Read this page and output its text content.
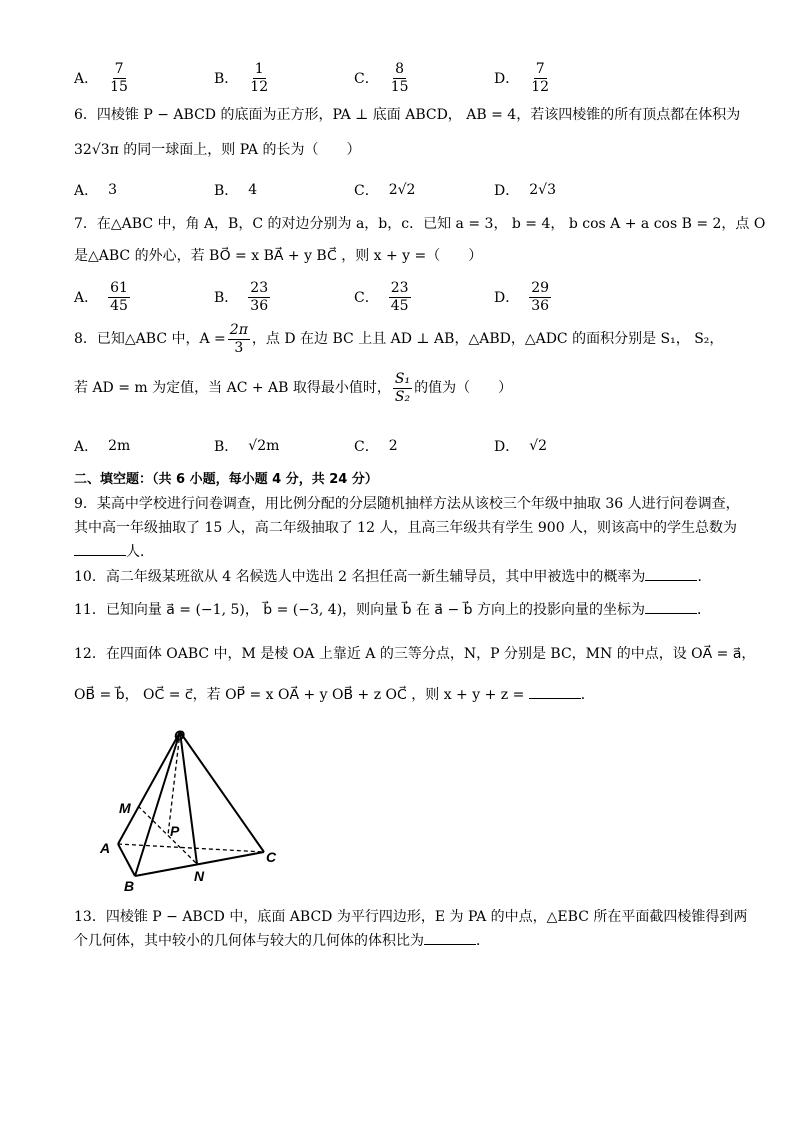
A． $\frac{7}{15}$	B． $\frac{1}{12}$	C． $\frac{8}{15}$	D． $\frac{7}{12}$
6．四棱锥 P − ABCD 的底面为正方形，PA ⊥ 底面 ABCD， AB = 4，若该四棱锥的所有顶点都在体积为
32√3π 的同一球面上，则 PA 的长为（　　）
A． 3	B． 4	C． 2√2	D． 2√3
7．在△ABC 中，角 A，B，C 的对边分别为 a，b，c．已知 a = 3， b = 4， b cos A + a cos B = 2，点 O
是△ABC 的外心，若 BO⃗ = x BA⃗ + y BC⃗ ，则 x + y =（　　）
A． $\frac{61}{45}$	B． $\frac{23}{36}$	C． $\frac{23}{45}$	D． $\frac{29}{36}$
8．已知△ABC 中，$A = \frac{2\pi}{3}$ ，点 D 在边 BC 上且 AD ⊥ AB，△ABD，△ADC 的面积分别是 S₁， S₂，
若 AD = m 为定值，当 AC + AB 取得最小值时， $\frac{\text{S₁}}{\text{S₂}}$ 的值为（　　）
A． 2m	B． √2m	C． 2	D． √2
二、填空题：（共 6 小题，每小题 4 分，共 24 分）
9．某高中学校进行问卷调查，用比例分配的分层随机抽样方法从该校三个年级中抽取 36 人进行问卷调查，
其中高一年级抽取了 15 人，高二年级抽取了 12 人，且高三年级共有学生 900 人，则该高中的学生总数为
人．
10．高二年级某班欲从 4 名候选人中选出 2 名担任高一新生辅导员，其中甲被选中的概率为	．
11．已知向量 a⃗ = (−1, 5)， b⃗ = (−3, 4)，则向量 b⃗ 在 a⃗ − b⃗ 方向上的投影向量的坐标为	．
12．在四面体 OABC 中，M 是棱 OA 上靠近 A 的三等分点，N，P 分别是 BC，MN 的中点，设 OA⃗ = a⃗，
OB⃗ = b⃗， OC⃗ = c⃗，若 OP⃗ = x OA⃗ + y OB⃗ + z OC⃗ ，则 x + y + z =	．
O
M
P
A
B
N
C
13．四棱锥 P − ABCD 中，底面 ABCD 为平行四边形，E 为 PA 的中点，△EBC 所在平面截四棱锥得到两
个几何体，其中较小的几何体与较大的几何体的体积比为	．
